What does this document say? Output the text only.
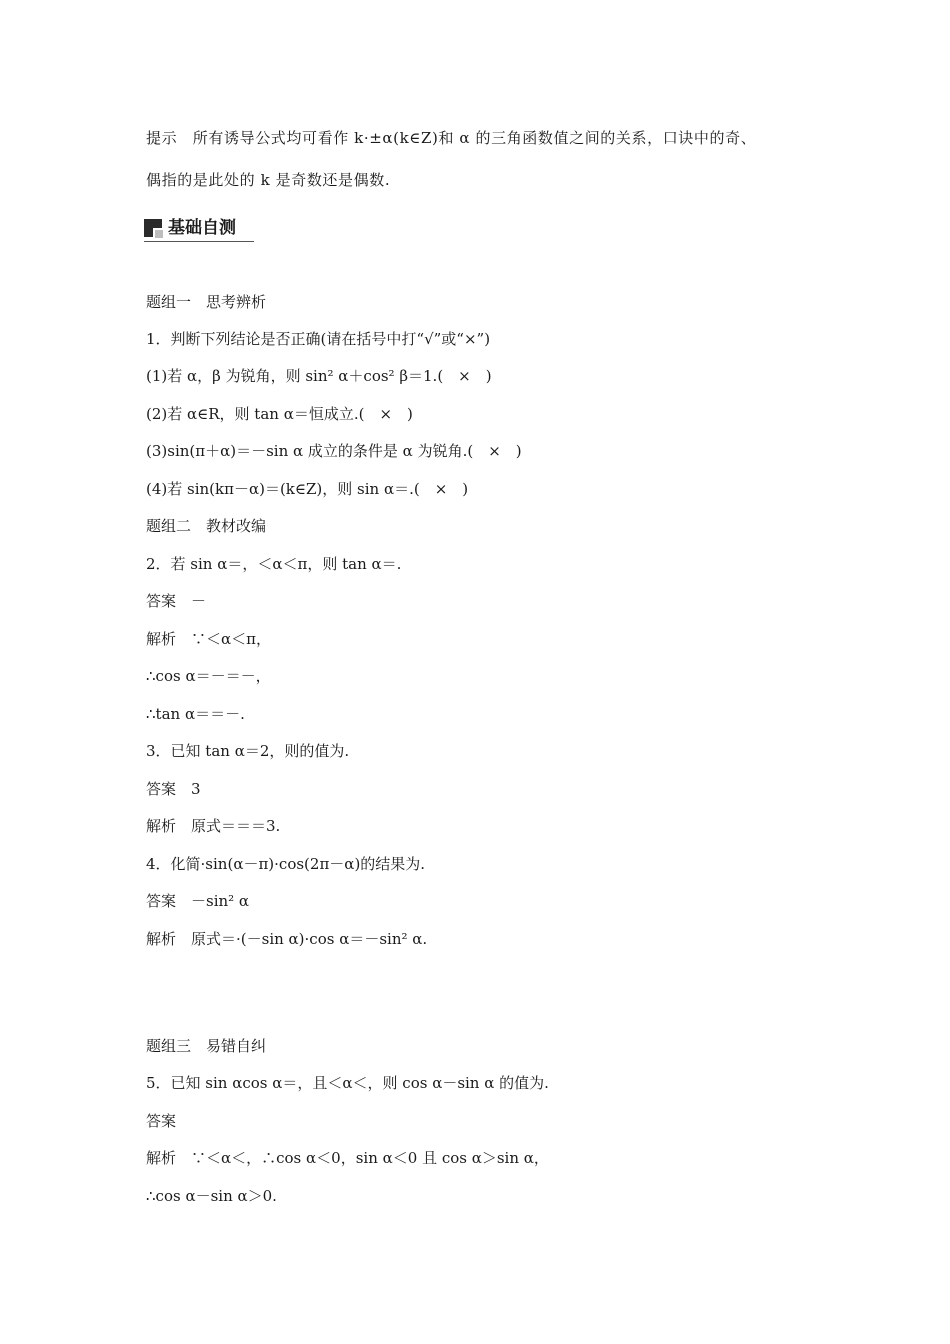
提示　所有诱导公式均可看作 k·±α(k∈Z)和 α 的三角函数值之间的关系，口诀中的奇、
偶指的是此处的 k 是奇数还是偶数.
基础自测
题组一　思考辨析
1．判断下列结论是否正确(请在括号中打“√”或“×”)
(1)若 α，β 为锐角，则 sin² α＋cos² β＝1.(　×　)
(2)若 α∈R，则 tan α＝恒成立.(　×　)
(3)sin(π＋α)＝－sin α 成立的条件是 α 为锐角.(　×　)
(4)若 sin(kπ－α)＝(k∈Z)，则 sin α＝.(　×　)
题组二　教材改编
2．若 sin α＝，＜α＜π，则 tan α＝.
答案　－
解析　∵＜α＜π，
∴cos α＝－＝－，
∴tan α＝＝－.
3．已知 tan α＝2，则的值为.
答案　3
解析　原式＝＝＝3.
4．化简·sin(α－π)·cos(2π－α)的结果为.
答案　－sin² α
解析　原式＝·(－sin α)·cos α＝－sin² α.
题组三　易错自纠
5．已知 sin αcos α＝，且＜α＜，则 cos α－sin α 的值为.
答案
解析　∵＜α＜，∴cos α＜0，sin α＜0 且 cos α＞sin α，
∴cos α－sin α＞0.
